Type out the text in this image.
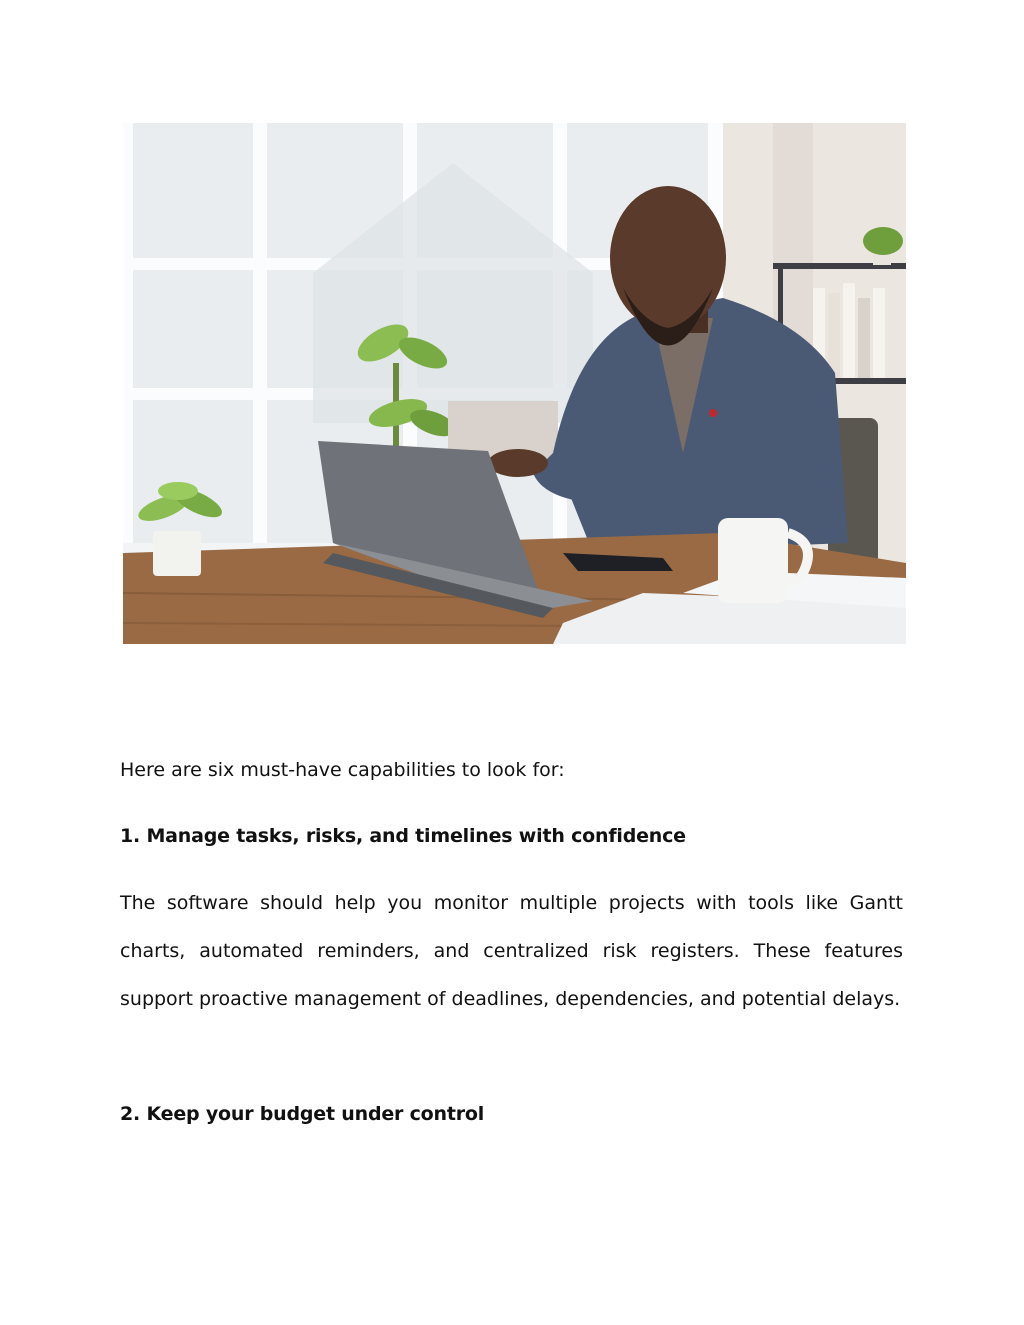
Here are six must-have capabilities to look for:
1. Manage tasks, risks, and timelines with confidence
The software should help you monitor multiple projects with tools like Gantt charts, automated reminders, and centralized risk registers. These features support proactive management of deadlines, dependencies, and potential delays.
2. Keep your budget under control
